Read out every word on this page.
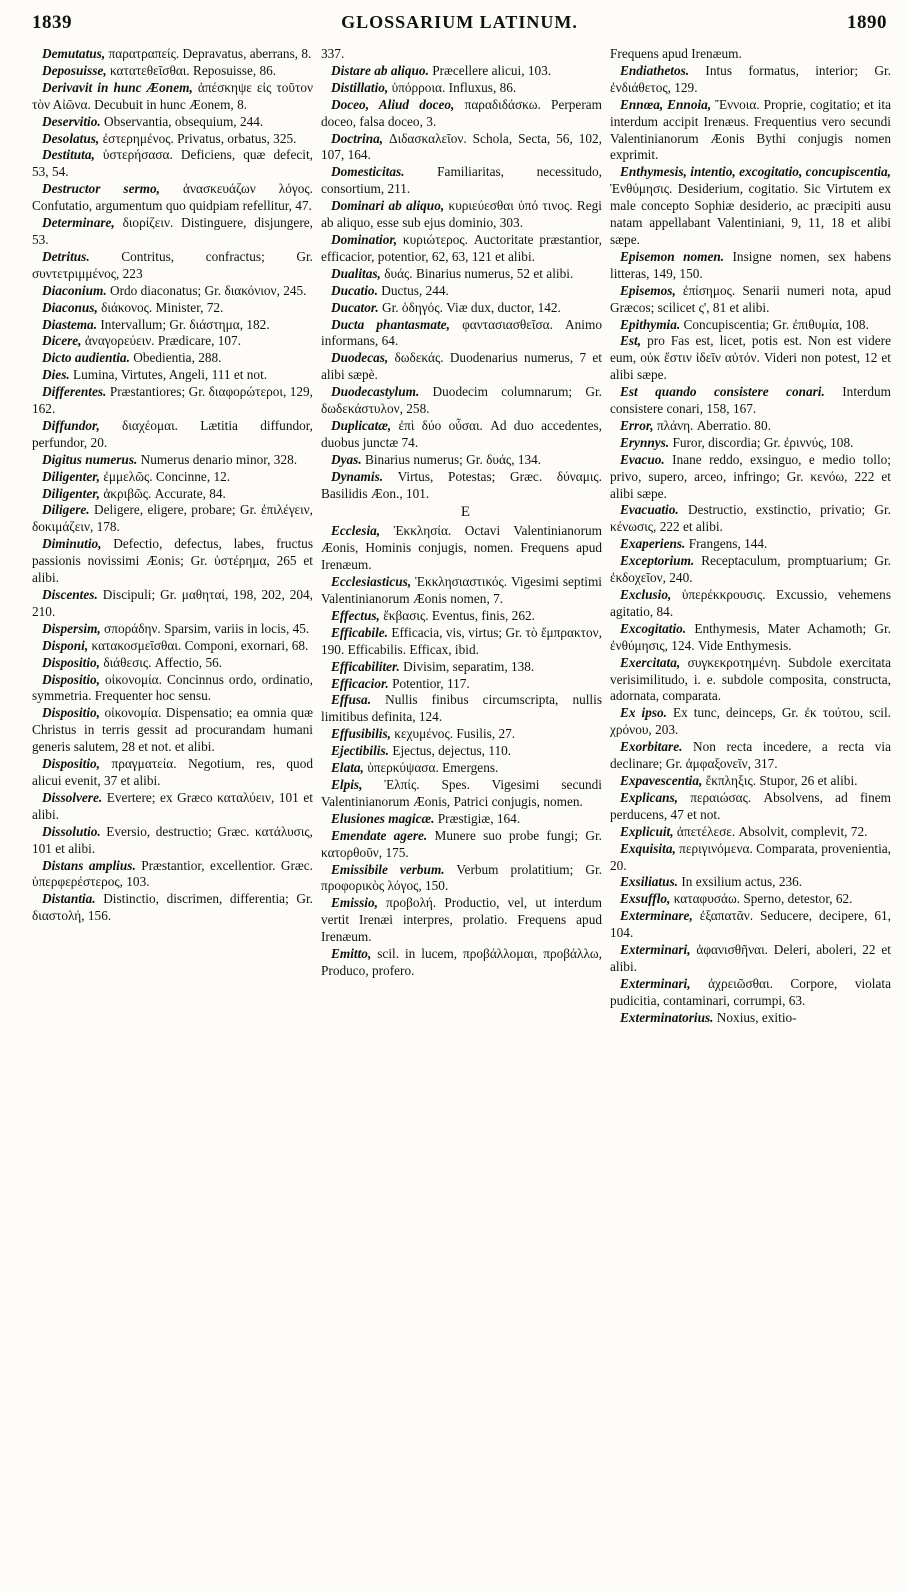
1839	GLOSSARIUM LATINUM.	1890

Demutatus, παρατραπείς. Depravatus, aberrans, 8.

Deposuisse, κατατεθεῖσθαι. Reposuisse, 86.

Derivavit in hunc Æonem, ἀπέσκηψε εἰς τοῦτον τὸν Αἰῶνα. Decubuit in hunc Æonem, 8.

Deservitio. Observantia, obsequium, 244.

Desolatus, ἐστερημένος. Privatus, orbatus, 325.

Destituta, ὑστερήσασα. Deficiens, quæ defecit, 53, 54.

Destructor sermo, ἀνασκευάζων λόγος. Confutatio, argumentum quo quidpiam refellitur, 47.

Determinare, διορίζειν. Distinguere, disjungere, 53.

Detritus. Contritus, confractus; Gr. συντετριμμένος, 223

Diaconium. Ordo diaconatus; Gr. διακόνιον, 245.

Diaconus, διάκονος. Minister, 72.

Diastema. Intervallum; Gr. διάστημα, 182.

Dicere, ἀναγορεύειν. Prædicare, 107.

Dicto audientia. Obedientia, 288.

Dies. Lumina, Virtutes, Angeli, 111 et not.

Differentes. Præstantiores; Gr. διαφορώτεροι, 129, 162.

Diffundor, διαχέομαι. Lætitia diffundor, perfundor, 20.

Digitus numerus. Numerus denario minor, 328.

Diligenter, ἐμμελῶς. Concinne, 12.

Diligenter, ἀκριβῶς. Accurate, 84.

Diligere. Deligere, eligere, probare; Gr. ἐπιλέγειν, δοκιμάζειν, 178.

Diminutio, Defectio, defectus, labes, fructus passionis novissimi Æonis; Gr. ὑστέρημα, 265 et alibi.

Discentes. Discipuli; Gr. μαθηταί, 198, 202, 204, 210.

Dispersim, σποράδην. Sparsim, variis in locis, 45.

Disponi, κατακοσμεῖσθαι. Componi, exornari, 68.

Dispositio, διάθεσις. Affectio, 56.

Dispositio, οἰκονομία. Concinnus ordo, ordinatio, symmetria. Frequenter hoc sensu.

Dispositio, οἰκονομία. Dispensatio; ea omnia quæ Christus in terris gessit ad procurandam humani generis salutem, 28 et not. et alibi.

Dispositio, πραγματεία. Negotium, res, quod alicui evenit, 37 et alibi.

Dissolvere. Evertere; ex Græco καταλύειν, 101 et alibi.

Dissolutio. Eversio, destructio; Græc. κατάλυσις, 101 et alibi.

Distans amplius. Præstantior, excellentior. Græc. ὑπερφερέστερος, 103.

Distantia. Distinctio, discrimen, differentia; Gr. διαστολή, 156.

337.

Distare ab aliquo. Præcellere alicui, 103.

Distillatio, ὑπόρροια. Influxus, 86.

Doceo, Aliud doceo, παραδιδάσκω. Perperam doceo, falsa doceo, 3.

Doctrina, Διδασκαλεῖον. Schola, Secta, 56, 102, 107, 164.

Domesticitas. Familiaritas, necessitudo, consortium, 211.

Dominari ab aliquo, κυριεύεσθαι ὑπό τινος. Regi ab aliquo, esse sub ejus dominio, 303.

Dominatior, κυριώτερος. Auctoritate præstantior, efficacior, potentior, 62, 63, 121 et alibi.

Dualitas, δυάς. Binarius numerus, 52 et alibi.

Ducatio. Ductus, 244.

Ducator. Gr. ὁδηγός. Viæ dux, ductor, 142.

Ducta phantasmate, φαντασιασθεῖσα. Animo informans, 64.

Duodecas, δωδεκάς. Duodenarius numerus, 7 et alibi sæpè.

Duodecastylum. Duodecim columnarum; Gr. δωδεκάστυλον, 258.

Duplicatæ, ἐπὶ δύο οὖσαι. Ad duo accedentes, duobus junctæ 74.

Dyas. Binarius numerus; Gr. δυάς, 134.

Dynamis. Virtus, Potestas; Græc. δύναμις. Basilidis Æon., 101.

E

Ecclesia, Ἐκκλησία. Octavi Valentinianorum Æonis, Hominis conjugis, nomen. Frequens apud Irenæum.

Ecclesiasticus, Ἐκκλησιαστικός. Vigesimi septimi Valentinianorum Æonis nomen, 7.

Effectus, ἔκβασις. Eventus, finis, 262.

Efficabile. Efficacia, vis, virtus; Gr. τὸ ἔμπρακτον, 190. Efficabilis. Efficax, ibid.

Efficabiliter. Divisim, separatim, 138.

Efficacior. Potentior, 117.

Effusa. Nullis finibus circumscripta, nullis limitibus definita, 124.

Effusibilis, κεχυμένος. Fusilis, 27.

Ejectibilis. Ejectus, dejectus, 110.

Elata, ὑπερκύψασα. Emergens.

Elpis, Ἐλπίς. Spes. Vigesimi secundi Valentinianorum Æonis, Patrici conjugis, nomen.

Elusiones magicæ. Præstigiæ, 164.

Emendate agere. Munere suo probe fungi; Gr. κατορθοῦν, 175.

Emissibile verbum. Verbum prolatitium; Gr. προφορικὸς λόγος, 150.

Emissio, προβολή. Productio, vel, ut interdum vertit Irenæi interpres, prolatio. Frequens apud Irenæum.

Emitto, scil. in lucem, προβάλλομαι, προβάλλω, Produco, profero.

Frequens apud Irenæum.

Endiathetos. Intus formatus, interior; Gr. ἐνδιάθετος, 129.

Ennœa, Ennoia, Ἔννοια. Proprie, cogitatio; et ita interdum accipit Irenæus. Frequentius vero secundi Valentinianorum Æonis Bythi conjugis nomen exprimit.

Enthymesis, intentio, excogitatio, concupiscentia, Ἐνθύμησις. Desiderium, cogitatio. Sic Virtutem ex male concepto Sophiæ desiderio, ac præcipiti ausu natam appellabant Valentiniani, 9, 11, 18 et alibi sæpe.

Episemon nomen. Insigne nomen, sex habens litteras, 149, 150.

Episemos, ἐπίσημος. Senarii numeri nota, apud Græcos; scilicet ς', 81 et alibi.

Epithymia. Concupiscentia; Gr. ἐπιθυμία, 108.

Est, pro Fas est, licet, potis est. Non est videre eum, οὐκ ἔστιν ἰδεῖν αὐτόν. Videri non potest, 12 et alibi sæpe.

Est quando consistere conari. Interdum consistere conari, 158, 167.

Error, πλάνη. Aberratio. 80.

Erynnys. Furor, discordia; Gr. ἐριννύς, 108.

Evacuo. Inane reddo, exsinguo, e medio tollo; privo, supero, arceo, infringo; Gr. κενόω, 222 et alibi sæpe.

Evacuatio. Destructio, exstinctio, privatio; Gr. κένωσις, 222 et alibi.

Exaperiens. Frangens, 144.

Exceptorium. Receptaculum, promptuarium; Gr. ἐκδοχεῖον, 240.

Exclusio, ὑπερέκκρουσις. Excussio, vehemens agitatio, 84.

Excogitatio. Enthymesis, Mater Achamoth; Gr. ἐνθύμησις, 124. Vide Enthymesis.

Exercitata, συγκεκροτημένη. Subdole exercitata verisimilitudo, i. e. subdole composita, constructa, adornata, comparata.

Ex ipso. Ex tunc, deinceps, Gr. ἐκ τούτου, scil. χρόνου, 203.

Exorbitare. Non recta incedere, a recta via declinare; Gr. ἀμφαξονεῖν, 317.

Expavescentia, ἔκπληξις. Stupor, 26 et alibi.

Explicans, περαιώσας. Absolvens, ad finem perducens, 47 et not.

Explicuit, ἀπετέλεσε. Absolvit, complevit, 72.

Exquisita, περιγινόμενα. Comparata, provenientia, 20.

Exsiliatus. In exsilium actus, 236.

Exsufflo, καταφυσάω. Sperno, detestor, 62.

Exterminare, ἐξαπατᾶν. Seducere, decipere, 61, 104.

Exterminari, ἀφανισθῆναι. Deleri, aboleri, 22 et alibi.

Exterminari, ἀχρειῶσθαι. Corpore, violata pudicitia, contaminari, corrumpi, 63.

Exterminatorius. Noxius, exitio-
